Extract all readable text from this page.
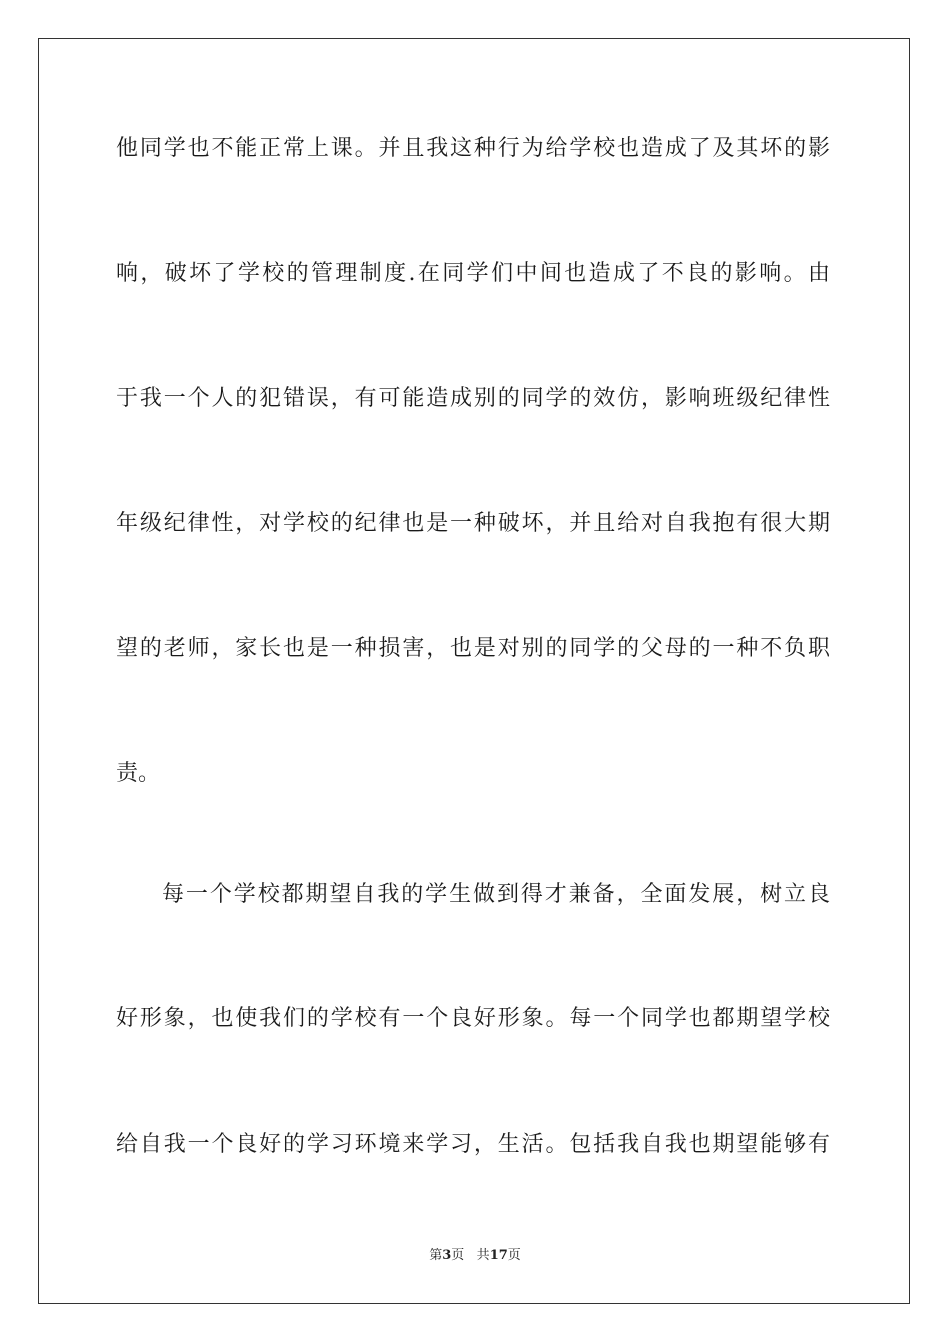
他同学也不能正常上课。并且我这种行为给学校也造成了及其坏的影
响，破坏了学校的管理制度.在同学们中间也造成了不良的影响。由
于我一个人的犯错误，有可能造成别的同学的效仿，影响班级纪律性
年级纪律性，对学校的纪律也是一种破坏，并且给对自我抱有很大期
望的老师，家长也是一种损害，也是对别的同学的父母的一种不负职
责。
每一个学校都期望自我的学生做到得才兼备，全面发展，树立良
好形象，也使我们的学校有一个良好形象。每一个同学也都期望学校
给自我一个良好的学习环境来学习，生活。包括我自我也期望能够有
第3页 共17页
